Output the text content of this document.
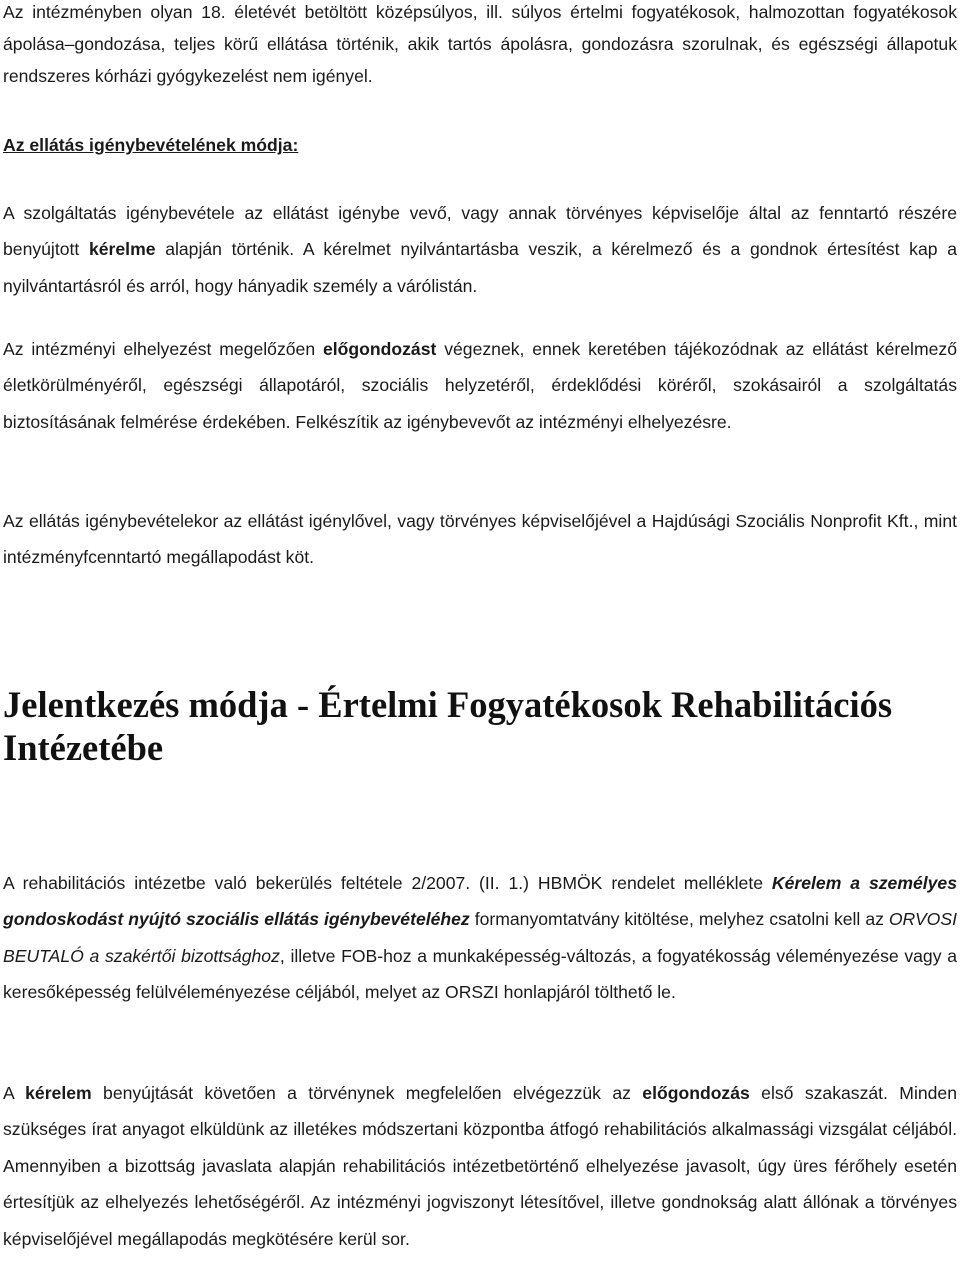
Az intézményben olyan 18. életévét betöltött középsúlyos, ill. súlyos értelmi fogyatékosok, halmozottan fogyatékosok ápolása–gondozása, teljes körű ellátása történik, akik tartós ápolásra, gondozásra szorulnak, és egészségi állapotuk rendszeres kórházi gyógykezelést nem igényel.

Az ellátás igénybevételének módja:

A szolgáltatás igénybevétele az ellátást igénybe vevő, vagy annak törvényes képviselője által az fenntartó részére benyújtott kérelme alapján történik. A kérelmet nyilvántartásba veszik, a kérelmező és a gondnok értesítést kap a nyilvántartásról és arról, hogy hányadik személy a várólistán.

Az intézményi elhelyezést megelőzően előgondozást végeznek, ennek keretében tájékozódnak az ellátást kérelmező életkörülményéről, egészségi állapotáról, szociális helyzetéről, érdeklődési köréről, szokásairól a szolgáltatás biztosításának felmérése érdekében. Felkészítik az igénybevevőt az intézményi elhelyezésre.

Az ellátás igénybevételekor az ellátást igénylővel, vagy törvényes képviselőjével a Hajdúsági Szociális Nonprofit Kft., mint intézményfcenntartó megállapodást köt.

Jelentkezés módja - Értelmi Fogyatékosok Rehabilitációs Intézetébe

A rehabilitációs intézetbe való bekerülés feltétele 2/2007. (II. 1.) HBMÖK rendelet melléklete Kérelem a személyes gondoskodást nyújtó szociális ellátás igénybevételéhez formanyomtatvány kitöltése, melyhez csatolni kell az ORVOSI BEUTALÓ a szakértői bizottsághoz, illetve FOB-hoz a munkaképesség-változás, a fogyatékosság véleményezése vagy a keresőképesség felülvéleményezése céljából, melyet az ORSZI honlapjáról tölthető le.

A kérelem benyújtását követően a törvénynek megfelelően elvégezzük az előgondozás első szakaszát. Minden szükséges írat anyagot elküldünk az illetékes módszertani központba átfogó rehabilitációs alkalmassági vizsgálat céljából. Amennyiben a bizottság javaslata alapján rehabilitációs intézetbetörténő elhelyezése javasolt, úgy üres férőhely esetén értesítjük az elhelyezés lehetőségéről. Az intézményi jogviszonyt létesítővel, illetve gondnokság alatt állónak a törvényes képviselőjével megállapodás megkötésére kerül sor.
